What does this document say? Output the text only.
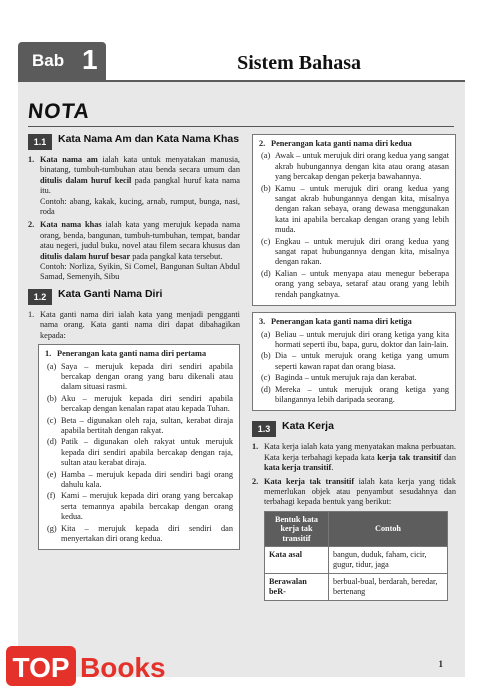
Bab 1	Sistem Bahasa
NOTA
1.1	Kata Nama Am dan Kata Nama Khas
1. Kata nama am ialah kata untuk menyatakan manusia, binatang, tumbuh-tumbuhan atau benda secara umum dan ditulis dalam huruf kecil pada pangkal huruf kata nama itu.
Contoh: abang, kakak, kucing, arnab, rumput, bunga, nasi, roda
2. Kata nama khas ialah kata yang merujuk kepada nama orang, benda, bangunan, tumbuh-tumbuhan, tempat, bandar atau negeri, judul buku, novel atau filem secara khusus dan ditulis dalam huruf besar pada pangkal kata tersebut.
Contoh: Norliza, Syikin, Si Comel, Bangunan Sultan Abdul Samad, Semenyih, Sibu
1.2	Kata Ganti Nama Diri
1. Kata ganti nama diri ialah kata yang menjadi pengganti nama orang. Kata ganti nama diri dapat dibahagikan kepada:
1. Penerangan kata ganti nama diri pertama
(a) Saya – merujuk kepada diri sendiri apabila bercakap dengan orang yang baru dikenali atau dalam situasi rasmi.
(b) Aku – merujuk kepada diri sendiri apabila bercakap dengan kenalan rapat atau kepada Tuhan.
(c) Beta – digunakan oleh raja, sultan, kerabat diraja apabila bertitah dengan rakyat.
(d) Patik – digunakan oleh rakyat untuk merujuk kepada diri sendiri apabila bercakap dengan raja, sultan atau kerabat diraja.
(e) Hamba – merujuk kepada diri sendiri bagi orang dahulu kala.
(f) Kami – merujuk kepada diri orang yang bercakap serta temannya apabila bercakap dengan orang kedua.
(g) Kita – merujuk kepada diri sendiri dan menyertakan diri orang kedua.
2. Penerangan kata ganti nama diri kedua
(a) Awak – untuk merujuk diri orang kedua yang sangat akrab hubungannya dengan kita atau orang atasan yang bercakap dengan pekerja bawahannya.
(b) Kamu – untuk merujuk diri orang kedua yang sangat akrab hubungannya dengan kita, misalnya dengan rakan sebaya, orang dewasa menggunakan kata ini apabila bercakap dengan orang yang lebih muda.
(c) Engkau – untuk merujuk diri orang kedua yang sangat rapat hubungannya dengan kita, misalnya dengan rakan.
(d) Kalian – untuk menyapa atau menegur beberapa orang yang sebaya, setaraf atau orang yang lebih rendah pangkatnya.
3. Penerangan kata ganti nama diri ketiga
(a) Beliau – untuk merujuk diri orang ketiga yang kita hormati seperti ibu, bapa, guru, doktor dan lain-lain.
(b) Dia – untuk merujuk orang ketiga yang umum seperti kawan rapat dan orang biasa.
(c) Baginda – untuk merujuk raja dan kerabat.
(d) Mereka – untuk merujuk orang ketiga yang bilangannya lebih daripada seorang.
1.3	Kata Kerja
1. Kata kerja ialah kata yang menyatakan makna perbuatan. Kata kerja terbahagi kepada kata kerja tak transitif dan kata kerja transitif.
2. Kata kerja tak transitif ialah kata kerja yang tidak memerlukan objek atau penyambut sesudahnya dan terbahagi kepada bentuk yang berikut:
Bentuk kata kerja tak transitif	Contoh
Kata asal	bangun, duduk, faham, cicir, gugur, tidur, jaga
Berawalan beR-	berbual-bual, berdarah, beredar, bertenang
1
TOP Books
